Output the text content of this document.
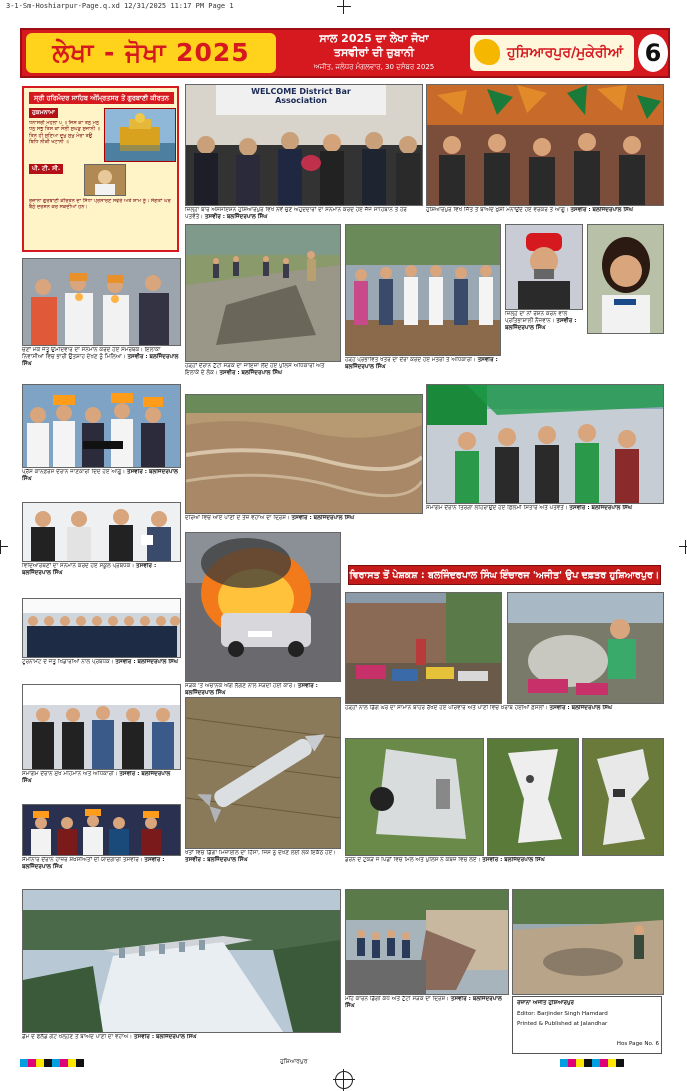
3-1-Sm-Hoshiarpur-Page.q.xd 12/31/2025 11:17 PM Page 1
ਲੇਖਾ - ਜੋਖਾ 2025	ਸਾਲ 2025 ਦਾ ਲੇਖਾ ਜੋਖਾ
ਤਸਵੀਰਾਂ ਦੀ ਜ਼ੁਬਾਨੀ
ਅਜੀਤ, ਜਲੰਧਰ ਮੰਗਲਵਾਰ, 30 ਦਸੰਬਰ 2025
ਹੁਸ਼ਿਆਰਪੁਰ/ਮੁਕੇਰੀਆਂ 6
ਸ੍ਰੀ ਹਰਿਮੰਦਰ ਸਾਹਿਬ ਅੰਮ੍ਰਿਤਸਰ ਤੋਂ ਗੁਰਬਾਣੀ ਕੀਰਤਨ
ਹੁਕਮਨਾਮਾ
ਧਨਾਸਰੀ ਮਹਲਾ ੫ ॥ ਜਿਸ ਕਾ ਤਨੁ ਮਨੁ ਧਨੁ ਸਭੁ ਤਿਸ ਕਾ ਸੋਈ ਸੁਘੜੁ ਸੁਜਾਨੀ ॥ ਤਿਨ ਹੀ ਸੁਣਿਆ ਦੁਖੁ ਸੁਖੁ ਮੇਰਾ ਤਉ ਬਿਧਿ ਨੀਕੀ ਖਟਾਨੀ ॥
ਪੀ. ਟੀ. ਸੀ.
ਰੋਜ਼ਾਨਾ ਗੁਰਬਾਣੀ ਕੀਰਤਨ ਦਾ ਸਿੱਧਾ ਪ੍ਰਸਾਰਣ ਸਵੇਰੇ ਅਤੇ ਸ਼ਾਮ ਨੂੰ। ਸੰਗਤਾਂ ਘਰ ਬੈਠੇ ਦਰਸ਼ਨ ਕਰ ਸਕਦੀਆਂ ਹਨ।
WELCOME District Bar Association
ਜ਼ਿਲ੍ਹਾ ਬਾਰ ਐਸੋਸੀਏਸ਼ਨ ਹੁਸ਼ਿਆਰਪੁਰ ਵਿਖੇ ਨਵੇਂ ਚੁਣੇ ਅਹੁਦੇਦਾਰਾਂ ਦਾ ਸਨਮਾਨ ਕਰਦੇ ਹੋਏ ਜੱਜ ਸਾਹਿਬਾਨ ਤੇ ਹੋਰ ਪਤਵੰਤੇ। ਤਸਵੀਰ : ਬਲਜਿੰਦਰਪਾਲ ਸਿੰਘ
ਹੁਸ਼ਿਆਰਪੁਰ ਵਿਖੇ ਜਿੱਤ ਤੋਂ ਬਾਅਦ ਖ਼ੁਸ਼ੀ ਮਨਾਉਂਦੇ ਹੋਏ ਵਰਕਰ ਤੇ ਆਗੂ। ਤਸਵੀਰ : ਬਲਜਿੰਦਰਪਾਲ ਸਿੰਘ
ਚੋਣਾਂ ਮੌਕੇ ਜੇਤੂ ਉਮੀਦਵਾਰ ਦਾ ਸਨਮਾਨ ਕਰਦੇ ਹੋਏ ਸਮਰਥਕ। ਇਲਾਕਾ ਨਿਵਾਸੀਆਂ ਵਿਚ ਭਾਰੀ ਉਤਸ਼ਾਹ ਦੇਖਣ ਨੂੰ ਮਿਲਿਆ। ਤਸਵੀਰ : ਬਲਜਿੰਦਰਪਾਲ ਸਿੰਘ
ਪ੍ਰੈੱਸ ਕਾਨਫ਼ਰੰਸ ਦੌਰਾਨ ਜਾਣਕਾਰੀ ਦਿੰਦੇ ਹੋਏ ਆਗੂ। ਤਸਵੀਰ : ਬਲਜਿੰਦਰਪਾਲ ਸਿੰਘ
ਵਿਦਿਆਰਥਣਾਂ ਦਾ ਸਨਮਾਨ ਕਰਦੇ ਹੋਏ ਸਕੂਲ ਪ੍ਰਬੰਧਕ। ਤਸਵੀਰ : ਬਲਜਿੰਦਰਪਾਲ ਸਿੰਘ
ਟੂਰਨਾਮੈਂਟ ਦੇ ਜੇਤੂ ਖਿਡਾਰੀਆਂ ਨਾਲ ਪ੍ਰਬੰਧਕ। ਤਸਵੀਰ : ਬਲਜਿੰਦਰਪਾਲ ਸਿੰਘ
ਸਮਾਗਮ ਦੌਰਾਨ ਮੁੱਖ ਮਹਿਮਾਨ ਅਤੇ ਅਧਿਕਾਰੀ। ਤਸਵੀਰ : ਬਲਜਿੰਦਰਪਾਲ ਸਿੰਘ
ਸੈਮੀਨਾਰ ਦੌਰਾਨ ਹਾਜ਼ਰ ਸ਼ਖ਼ਸੀਅਤਾਂ ਦੀ ਯਾਦਗਾਰੀ ਤਸਵੀਰ। ਤਸਵੀਰ : ਬਲਜਿੰਦਰਪਾਲ ਸਿੰਘ
ਹੜ੍ਹਾਂ ਦੌਰਾਨ ਟੁੱਟੀ ਸੜਕ ਦਾ ਜਾਇਜ਼ਾ ਲੈਂਦੇ ਹੋਏ ਪੁਲਿਸ ਅਧਿਕਾਰੀ ਅਤੇ ਇਲਾਕੇ ਦੇ ਲੋਕ। ਤਸਵੀਰ : ਬਲਜਿੰਦਰਪਾਲ ਸਿੰਘ
ਦਰਿਆ ਵਿਚ ਆਏ ਪਾਣੀ ਦੇ ਤੇਜ਼ ਵਹਾਅ ਦਾ ਦ੍ਰਿਸ਼। ਤਸਵੀਰ : ਬਲਜਿੰਦਰਪਾਲ ਸਿੰਘ
ਸੜਕ 'ਤੇ ਅਚਾਨਕ ਅੱਗ ਲੱਗਣ ਨਾਲ ਸੜਦੀ ਹੋਈ ਕਾਰ। ਤਸਵੀਰ : ਬਲਜਿੰਦਰਪਾਲ ਸਿੰਘ
ਖੇਤਾਂ ਵਿਚ ਡਿੱਗਾ ਮਿਜ਼ਾਈਲ ਦਾ ਹਿੱਸਾ, ਜਿਸ ਨੂੰ ਦੇਖਣ ਲਈ ਲੋਕ ਇਕੱਠੇ ਹੋਏ। ਤਸਵੀਰ : ਬਲਜਿੰਦਰਪਾਲ ਸਿੰਘ
ਹੜ੍ਹ ਪ੍ਰਭਾਵਿਤ ਖੇਤਰ ਦਾ ਦੌਰਾ ਕਰਦੇ ਹੋਏ ਮੰਤਰੀ ਤੇ ਅਧਿਕਾਰੀ। ਤਸਵੀਰ : ਬਲਜਿੰਦਰਪਾਲ ਸਿੰਘ
ਜ਼ਿਲ੍ਹੇ ਦਾ ਨਾਂ ਰੌਸ਼ਨ ਕਰਨ ਵਾਲੇ ਪ੍ਰਤਿਭਾਸ਼ਾਲੀ ਨੌਜਵਾਨ। ਤਸਵੀਰ : ਬਲਜਿੰਦਰਪਾਲ ਸਿੰਘ
ਸਮਾਗਮ ਦੌਰਾਨ ਤਿਰੰਗਾ ਲਹਿਰਾਉਂਦੇ ਹੋਏ ਫ਼ਿਲਮੀ ਸਿਤਾਰੇ ਅਤੇ ਪਤਵੰਤੇ। ਤਸਵੀਰ : ਬਲਜਿੰਦਰਪਾਲ ਸਿੰਘ
ਵਿਰਾਸਤ ਤੋਂ ਪੇਸ਼ਕਸ਼ : ਬਲਜਿੰਦਰਪਾਲ ਸਿੰਘ ਇੰਚਾਰਜ 'ਅਜੀਤ' ਉਪ ਦਫ਼ਤਰ ਹੁਸ਼ਿਆਰਪੁਰ।
ਹੜ੍ਹਾਂ ਨਾਲ ਡਿੱਗੇ ਘਰ ਦਾ ਸਾਮਾਨ ਬਾਹਰ ਰੱਖਦੇ ਹੋਏ ਪਰਿਵਾਰ ਅਤੇ ਪਾਣੀ ਵਿਚ ਖ਼ਰਾਬ ਹੋਈਆਂ ਫ਼ਸਲਾਂ। ਤਸਵੀਰ : ਬਲਜਿੰਦਰਪਾਲ ਸਿੰਘ
ਡਰੋਨ ਦੇ ਟੁਕੜੇ ਜੋ ਪਿੰਡਾਂ ਵਿਚ ਮਿਲੇ ਅਤੇ ਪੁਲਿਸ ਨੇ ਕਬਜ਼ੇ ਵਿਚ ਲਏ। ਤਸਵੀਰ : ਬਲਜਿੰਦਰਪਾਲ ਸਿੰਘ
ਡੈਮ ਦੇ ਫਲੱਡ ਗੇਟ ਖੋਲ੍ਹਣ ਤੋਂ ਬਾਅਦ ਪਾਣੀ ਦਾ ਵਹਾਅ। ਤਸਵੀਰ : ਬਲਜਿੰਦਰਪਾਲ ਸਿੰਘ
ਮੀਂਹ ਕਾਰਨ ਡਿੱਗੀ ਕੰਧ ਅਤੇ ਟੁੱਟੀ ਸੜਕ ਦਾ ਦ੍ਰਿਸ਼। ਤਸਵੀਰ : ਬਲਜਿੰਦਰਪਾਲ ਸਿੰਘ
ਰੋਜ਼ਾਨਾ ਅਜੀਤ ਹੁਸ਼ਿਆਰਪੁਰ
Editor: Barjinder Singh Hamdard
Printed & Published at Jalandhar
Hos Page No. 6
ਹੁਸ਼ਿਆਰਪੁਰ
